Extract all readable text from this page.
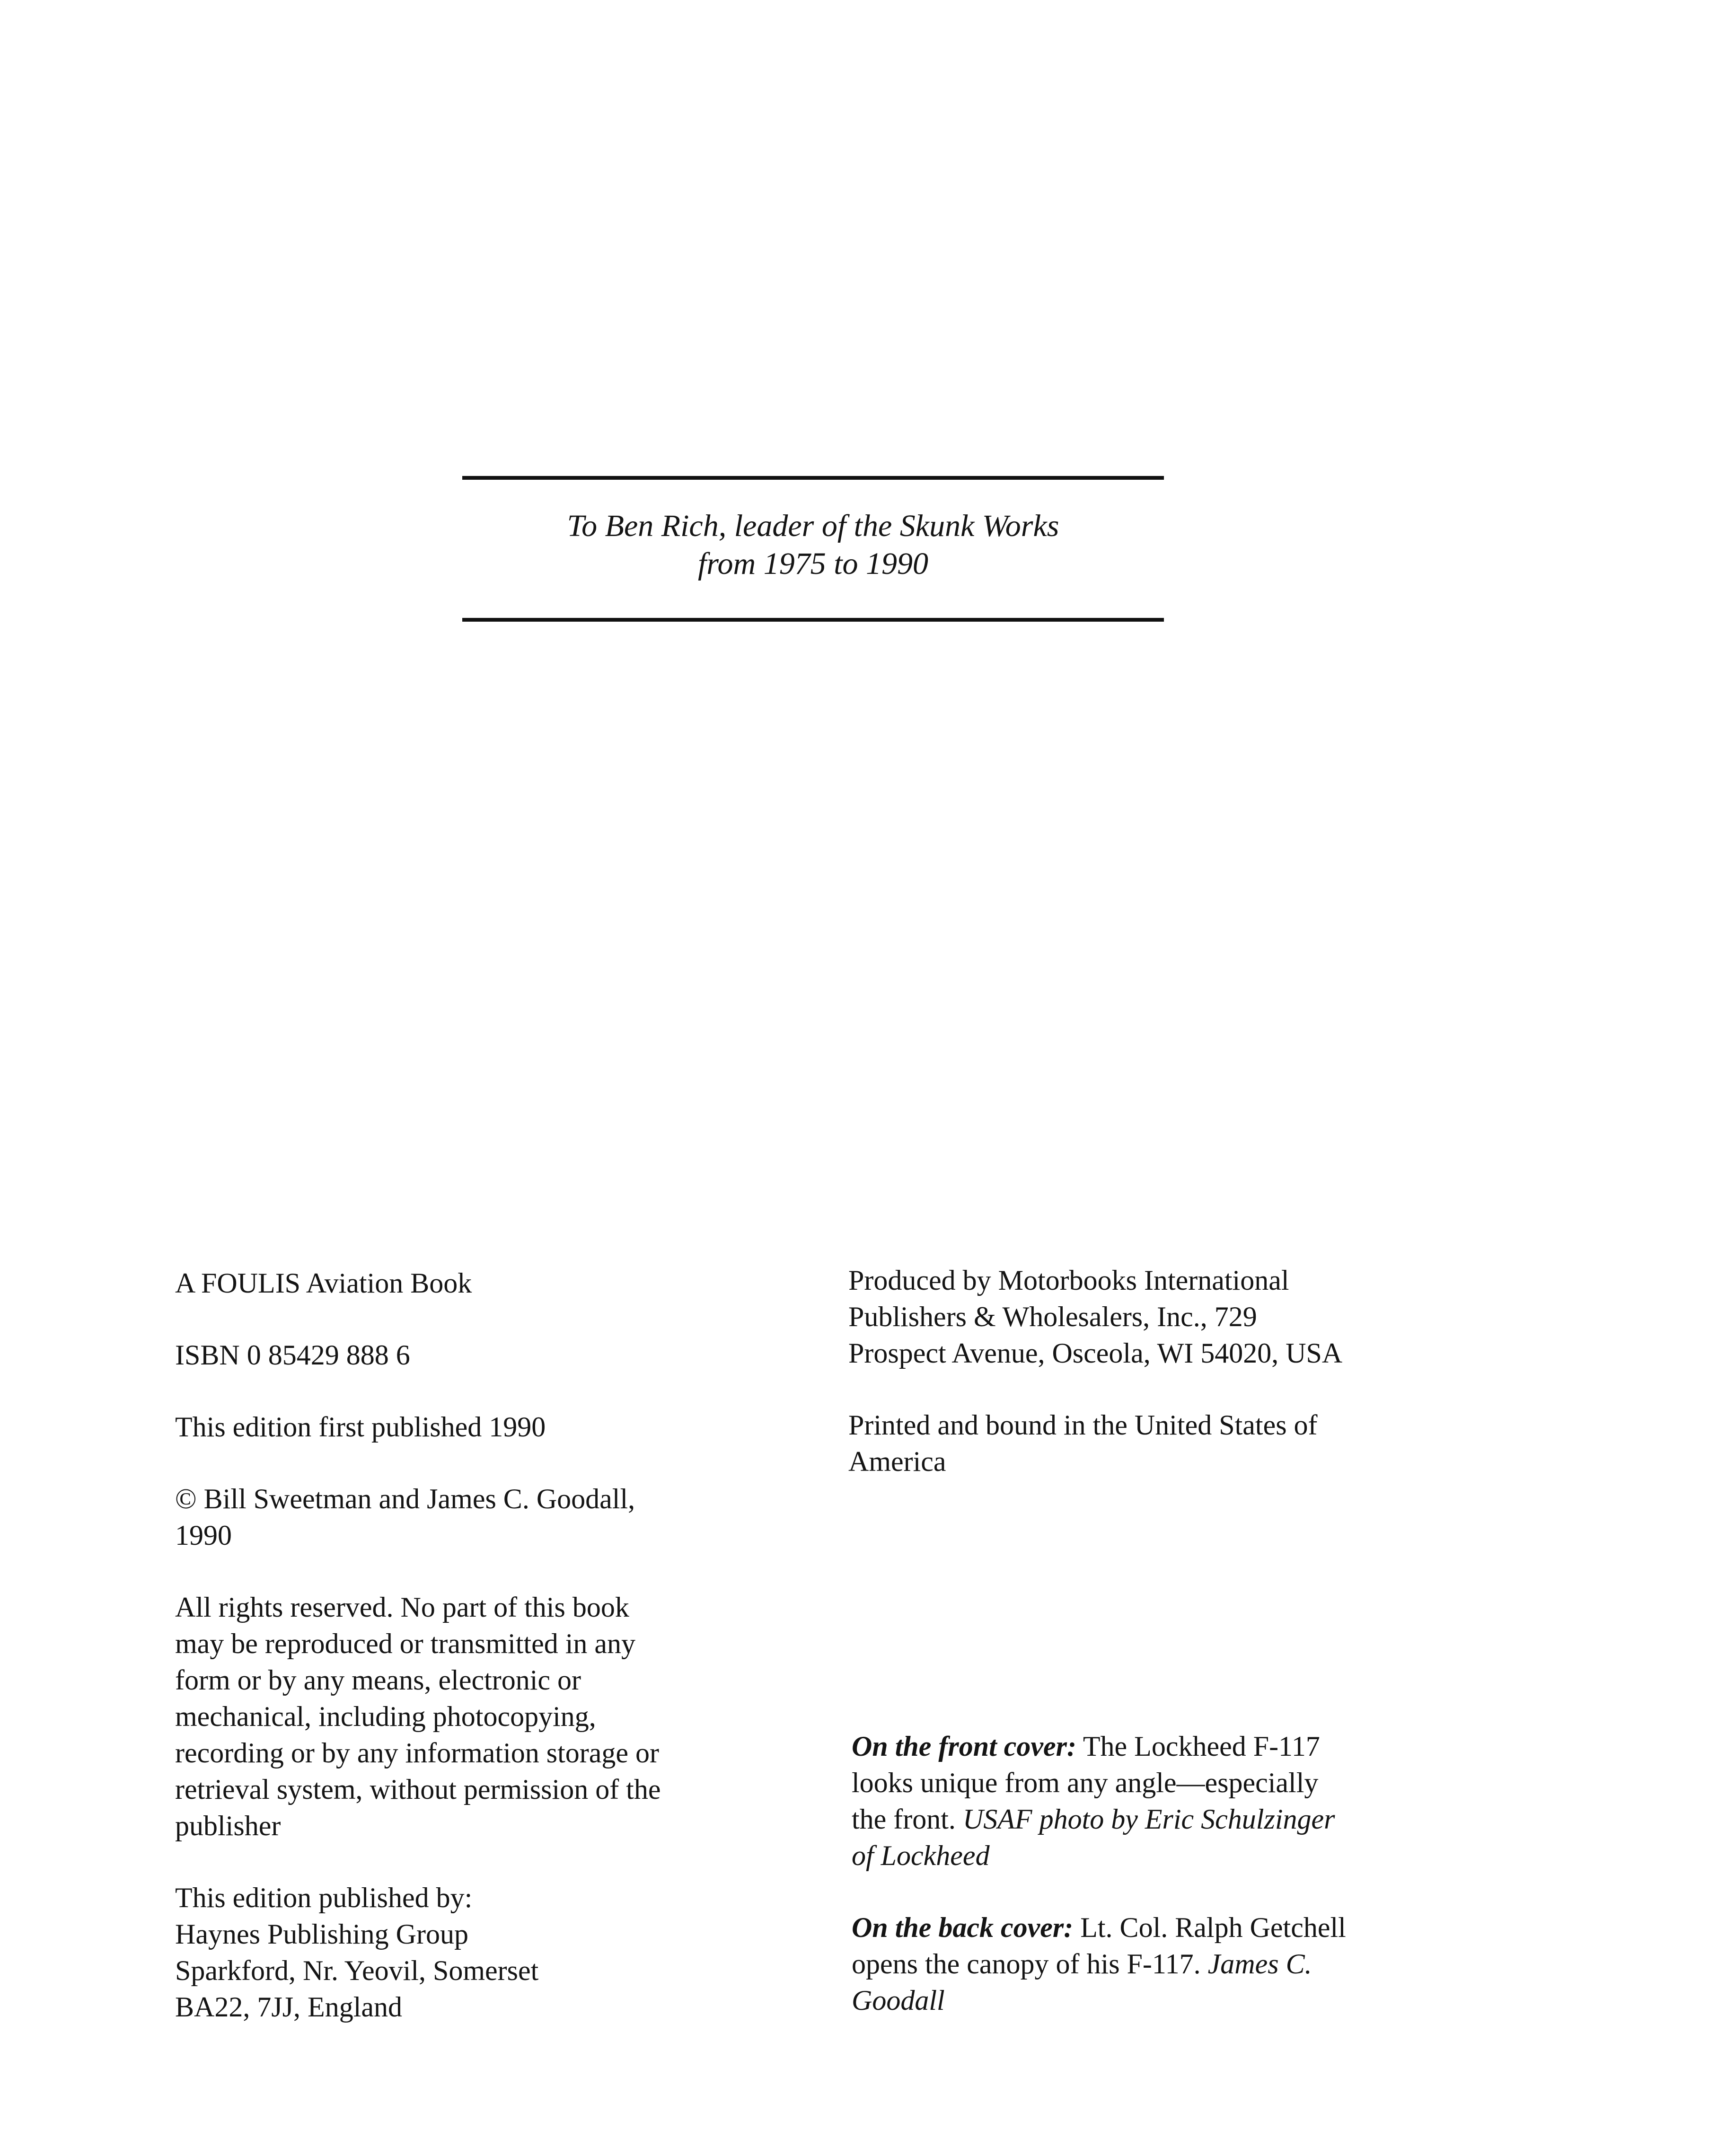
To Ben Rich, leader of the Skunk Works

from 1975 to 1990

A FOULIS Aviation Book

ISBN 0 85429 888 6

This edition first published 1990

© Bill Sweetman and James C. Goodall,

1990

All rights reserved. No part of this book

may be reproduced or transmitted in any

form or by any means, electronic or

mechanical, including photocopying,

recording or by any information storage or

retrieval system, without permission of the

publisher

This edition published by:

Haynes Publishing Group

Sparkford, Nr. Yeovil, Somerset

BA22, 7JJ, England

Produced by Motorbooks International

Publishers & Wholesalers, Inc., 729

Prospect Avenue, Osceola, WI 54020, USA

Printed and bound in the United States of

America

On the front cover: The Lockheed F-117

looks unique from any angle—especially

the front. USAF photo by Eric Schulzinger

of Lockheed

On the back cover: Lt. Col. Ralph Getchell

opens the canopy of his F-117. James C.

Goodall
